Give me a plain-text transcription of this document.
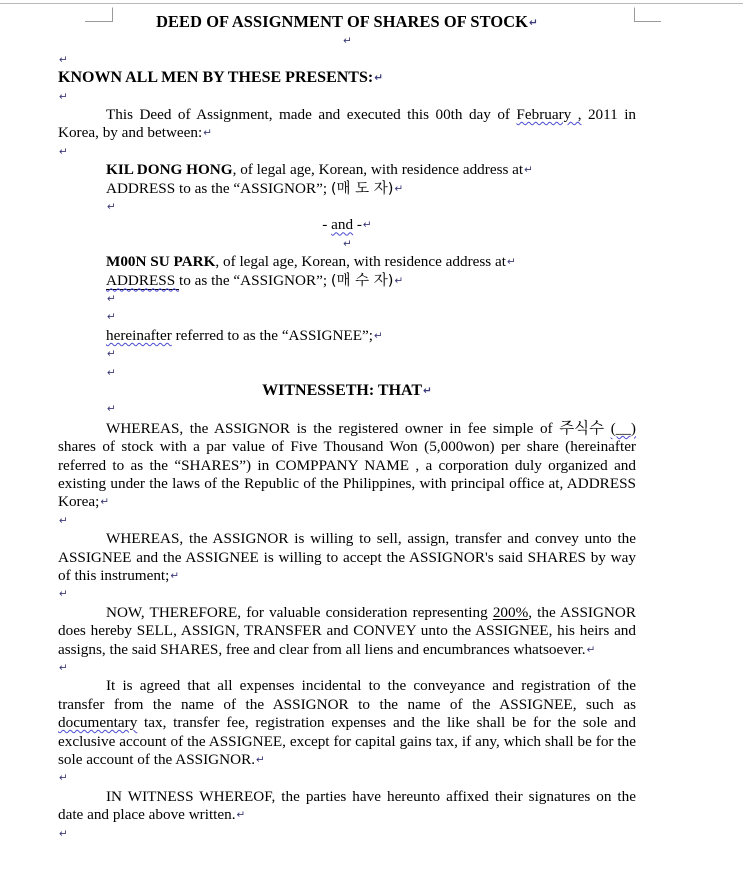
DEED OF ASSIGNMENT OF SHARES OF STOCK↵
↵
↵
KNOWN ALL MEN BY THESE PRESENTS:↵
↵

This Deed of Assignment, made and executed this 00th day of February , 2011 in Korea, by and between:↵

↵

KIL DONG HONG, of legal age, Korean, with residence address at↵

ADDRESS to as the “ASSIGNOR”; (매 도 자)↵

↵
- and -↵
↵

M00N SU PARK, of legal age, Korean, with residence address at↵

ADDRESS to as the “ASSIGNOR”; (매 수 자)↵

↵
↵

hereinafter referred to as the “ASSIGNEE”;↵

↵
↵
WITNESSETH: THAT↵
↵

WHEREAS, the ASSIGNOR is the registered owner in fee simple of 주식수 (__) shares of stock with a par value of Five Thousand Won (5,000won) per share (hereinafter referred to as the “SHARES”) in COMPPANY NAME , a corporation duly organized and existing under the laws of the Republic of the Philippines, with principal office at, ADDRESS Korea;↵

↵

WHEREAS, the ASSIGNOR is willing to sell, assign, transfer and convey unto the ASSIGNEE and the ASSIGNEE is willing to accept the ASSIGNOR's said SHARES by way of this instrument;↵

↵

NOW, THEREFORE, for valuable consideration representing 200%, the ASSIGNOR does hereby SELL, ASSIGN, TRANSFER and CONVEY unto the ASSIGNEE, his heirs and assigns, the said SHARES, free and clear from all liens and encumbrances whatsoever.↵

↵

It is agreed that all expenses incidental to the conveyance and registration of the transfer from the name of the ASSIGNOR to the name of the ASSIGNEE, such as documentary tax, transfer fee, registration expenses and the like shall be for the sole and exclusive account of the ASSIGNEE, except for capital gains tax, if any, which shall be for the sole account of the ASSIGNOR.↵

↵

IN WITNESS WHEREOF, the parties have hereunto affixed their signatures on the date and place above written.↵

↵
